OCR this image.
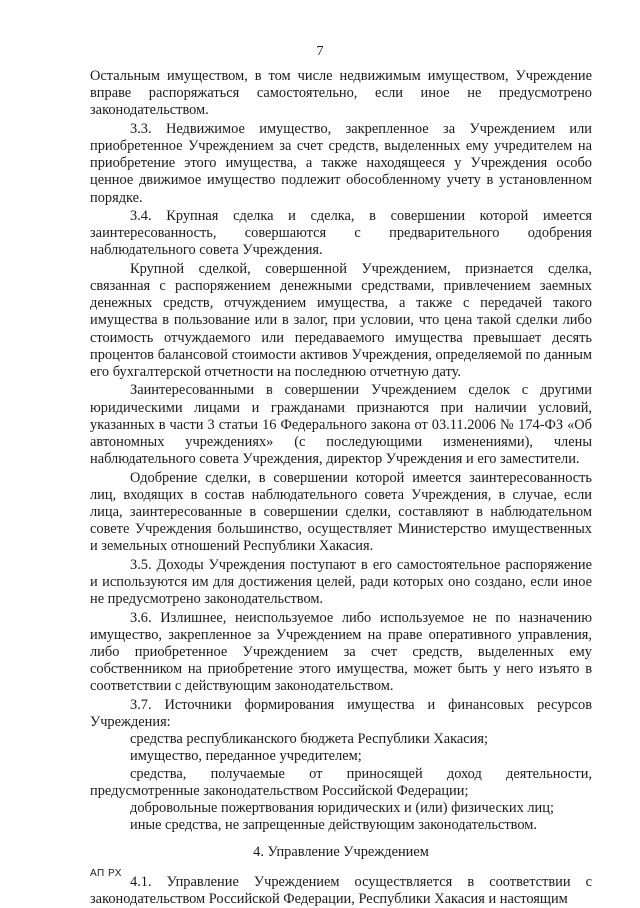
7

Остальным имуществом, в том числе недвижимым имуществом, Учреждение вправе распоряжаться самостоятельно, если иное не предусмотрено законодательством.

3.3. Недвижимое имущество, закрепленное за Учреждением или приобретенное Учреждением за счет средств, выделенных ему учредителем на приобретение этого имущества, а также находящееся у Учреждения особо ценное движимое имущество подлежит обособленному учету в установленном порядке.

3.4. Крупная сделка и сделка, в совершении которой имеется заинтересованность, совершаются с предварительного одобрения наблюдательного совета Учреждения.

Крупной сделкой, совершенной Учреждением, признается сделка, связанная с распоряжением денежными средствами, привлечением заемных денежных средств, отчуждением имущества, а также с передачей такого имущества в пользование или в залог, при условии, что цена такой сделки либо стоимость отчуждаемого или передаваемого имущества превышает десять процентов балансовой стоимости активов Учреждения, определяемой по данным его бухгалтерской отчетности на последнюю отчетную дату.

Заинтересованными в совершении Учреждением сделок с другими юридическими лицами и гражданами признаются при наличии условий, указанных в части 3 статьи 16 Федерального закона от 03.11.2006 № 174-ФЗ «Об автономных учреждениях» (с последующими изменениями), члены наблюдательного совета Учреждения, директор Учреждения и его заместители.

Одобрение сделки, в совершении которой имеется заинтересованность лиц, входящих в состав наблюдательного совета Учреждения, в случае, если лица, заинтересованные в совершении сделки, составляют в наблюдательном совете Учреждения большинство, осуществляет Министерство имущественных и земельных отношений Республики Хакасия.

3.5. Доходы Учреждения поступают в его самостоятельное распоряжение и используются им для достижения целей, ради которых оно создано, если иное не предусмотрено законодательством.

3.6. Излишнее, неиспользуемое либо используемое не по назначению имущество, закрепленное за Учреждением на праве оперативного управления, либо приобретенное Учреждением за счет средств, выделенных ему собственником на приобретение этого имущества, может быть у него изъято в соответствии с действующим законодательством.

3.7. Источники формирования имущества и финансовых ресурсов Учреждения:

средства республиканского бюджета Республики Хакасия;

имущество, переданное учредителем;

средства, получаемые от приносящей доход деятельности, предусмотренные законодательством Российской Федерации;

добровольные пожертвования юридических и (или) физических лиц;

иные средства, не запрещенные действующим законодательством.

4. Управление Учреждением

4.1. Управление Учреждением осуществляется в соответствии с законодательством Российской Федерации, Республики Хакасия и настоящим

АП РХ
